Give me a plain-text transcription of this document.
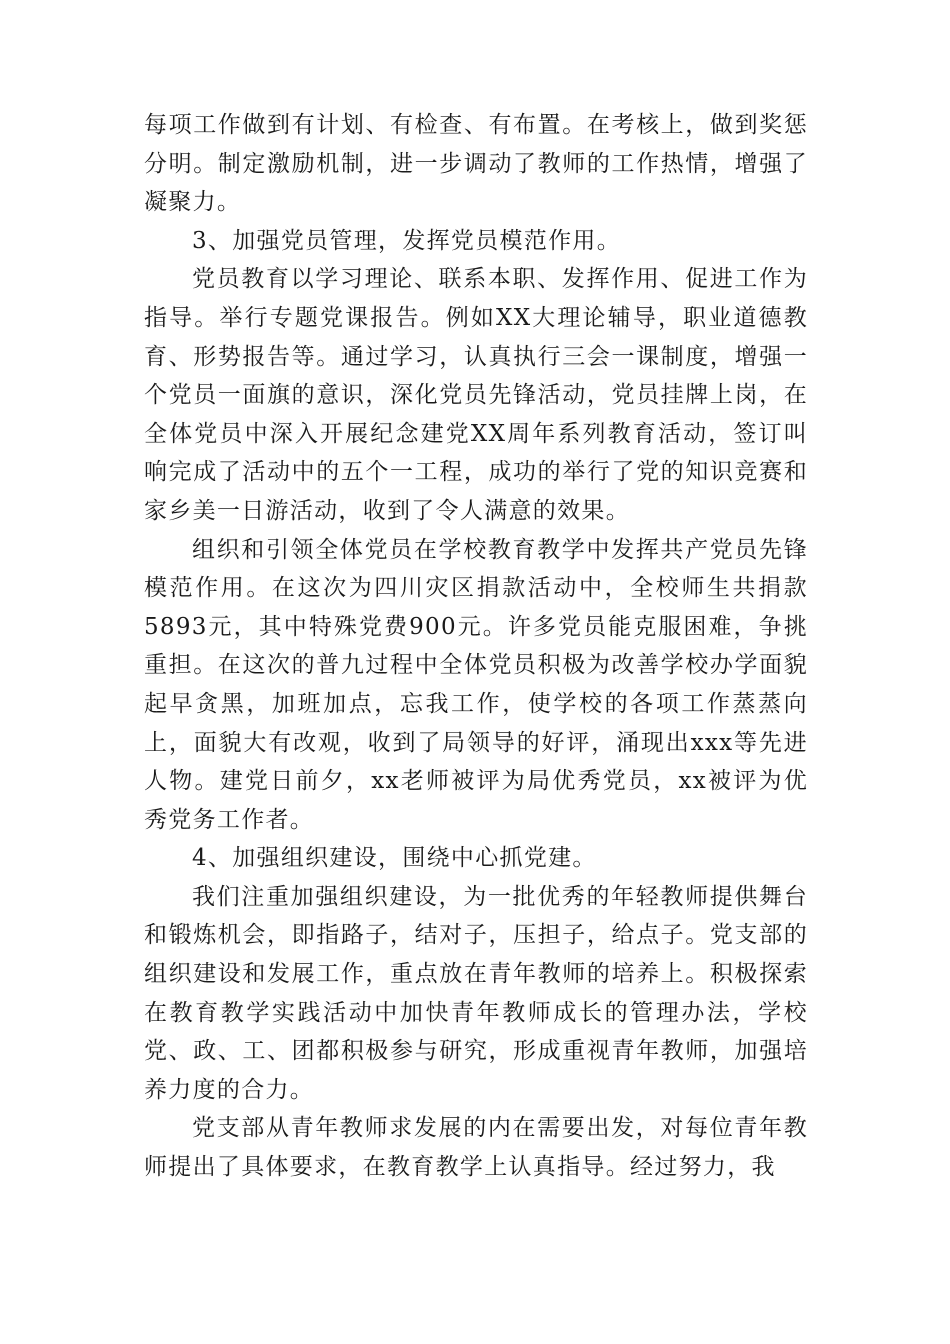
每项工作做到有计划、有检查、有布置。在考核上，做到奖惩分明。制定激励机制，进一步调动了教师的工作热情，增强了凝聚力。

3、加强党员管理，发挥党员模范作用。

党员教育以学习理论、联系本职、发挥作用、促进工作为指导。举行专题党课报告。例如XX大理论辅导，职业道德教育、形势报告等。通过学习，认真执行三会一课制度，增强一个党员一面旗的意识，深化党员先锋活动，党员挂牌上岗，在全体党员中深入开展纪念建党XX周年系列教育活动，签订叫响完成了活动中的五个一工程，成功的举行了党的知识竞赛和家乡美一日游活动，收到了令人满意的效果。

组织和引领全体党员在学校教育教学中发挥共产党员先锋模范作用。在这次为四川灾区捐款活动中，全校师生共捐款5893元，其中特殊党费900元。许多党员能克服困难，争挑重担。在这次的普九过程中全体党员积极为改善学校办学面貌起早贪黑，加班加点，忘我工作，使学校的各项工作蒸蒸向上，面貌大有改观，收到了局领导的好评，涌现出xxx等先进人物。建党日前夕，xx老师被评为局优秀党员，xx被评为优秀党务工作者。

4、加强组织建设，围绕中心抓党建。

我们注重加强组织建设，为一批优秀的年轻教师提供舞台和锻炼机会，即指路子，结对子，压担子，给点子。党支部的组织建设和发展工作，重点放在青年教师的培养上。积极探索在教育教学实践活动中加快青年教师成长的管理办法，学校党、政、工、团都积极参与研究，形成重视青年教师，加强培养力度的合力。

党支部从青年教师求发展的内在需要出发，对每位青年教师提出了具体要求，在教育教学上认真指导。经过努力，我
